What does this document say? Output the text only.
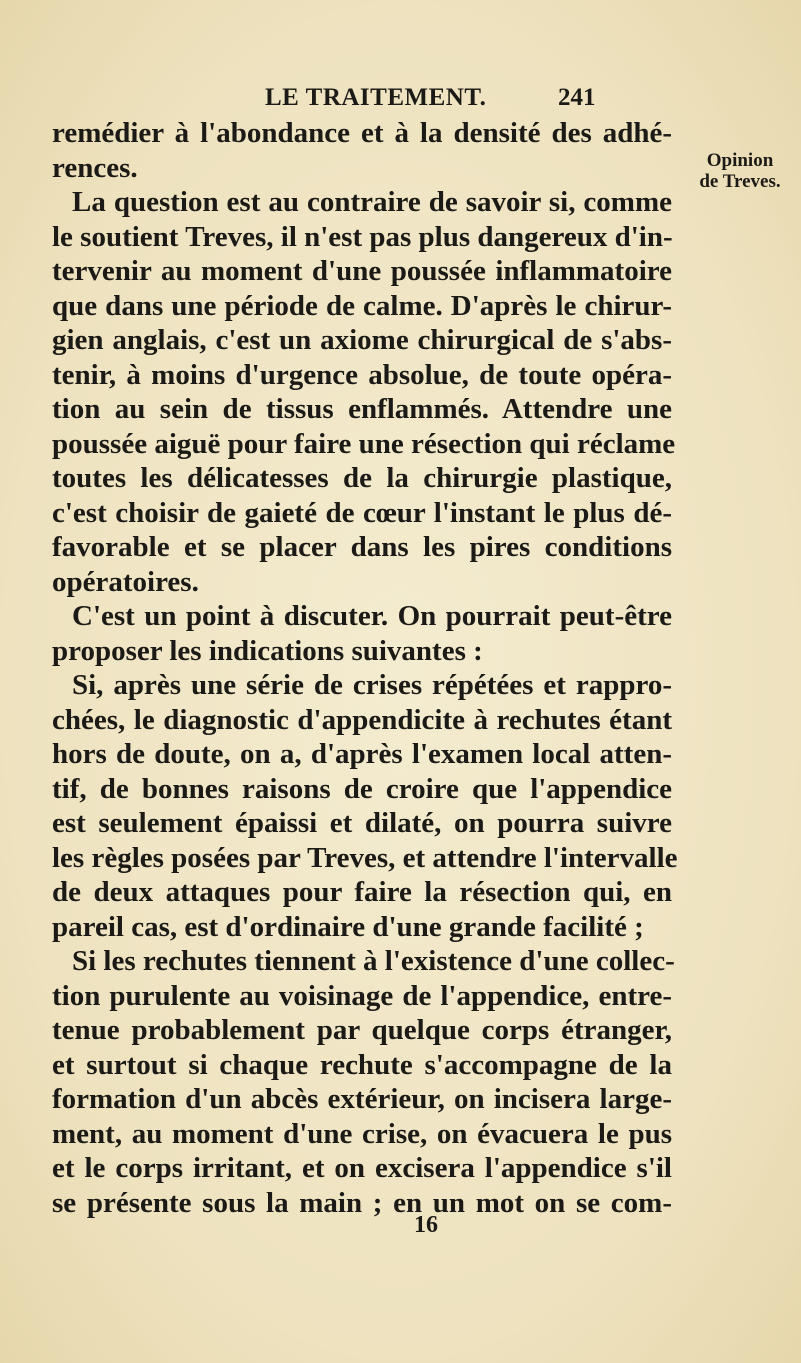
LE TRAITEMENT.	241
Opinion
de Treves.
remédier à l'abondance et à la densité des adhé-
rences.
La question est au contraire de savoir si, comme
le soutient Treves, il n'est pas plus dangereux d'in-
tervenir au moment d'une poussée inflammatoire
que dans une période de calme. D'après le chirur-
gien anglais, c'est un axiome chirurgical de s'abs-
tenir, à moins d'urgence absolue, de toute opéra-
tion au sein de tissus enflammés. Attendre une
poussée aiguë pour faire une résection qui réclame
toutes les délicatesses de la chirurgie plastique,
c'est choisir de gaieté de cœur l'instant le plus dé-
favorable et se placer dans les pires conditions
opératoires.
C'est un point à discuter. On pourrait peut-être
proposer les indications suivantes :
Si, après une série de crises répétées et rappro-
chées, le diagnostic d'appendicite à rechutes étant
hors de doute, on a, d'après l'examen local atten-
tif, de bonnes raisons de croire que l'appendice
est seulement épaissi et dilaté, on pourra suivre
les règles posées par Treves, et attendre l'intervalle
de deux attaques pour faire la résection qui, en
pareil cas, est d'ordinaire d'une grande facilité ;
Si les rechutes tiennent à l'existence d'une collec-
tion purulente au voisinage de l'appendice, entre-
tenue probablement par quelque corps étranger,
et surtout si chaque rechute s'accompagne de la
formation d'un abcès extérieur, on incisera large-
ment, au moment d'une crise, on évacuera le pus
et le corps irritant, et on excisera l'appendice s'il
se présente sous la main ; en un mot on se com-
16
